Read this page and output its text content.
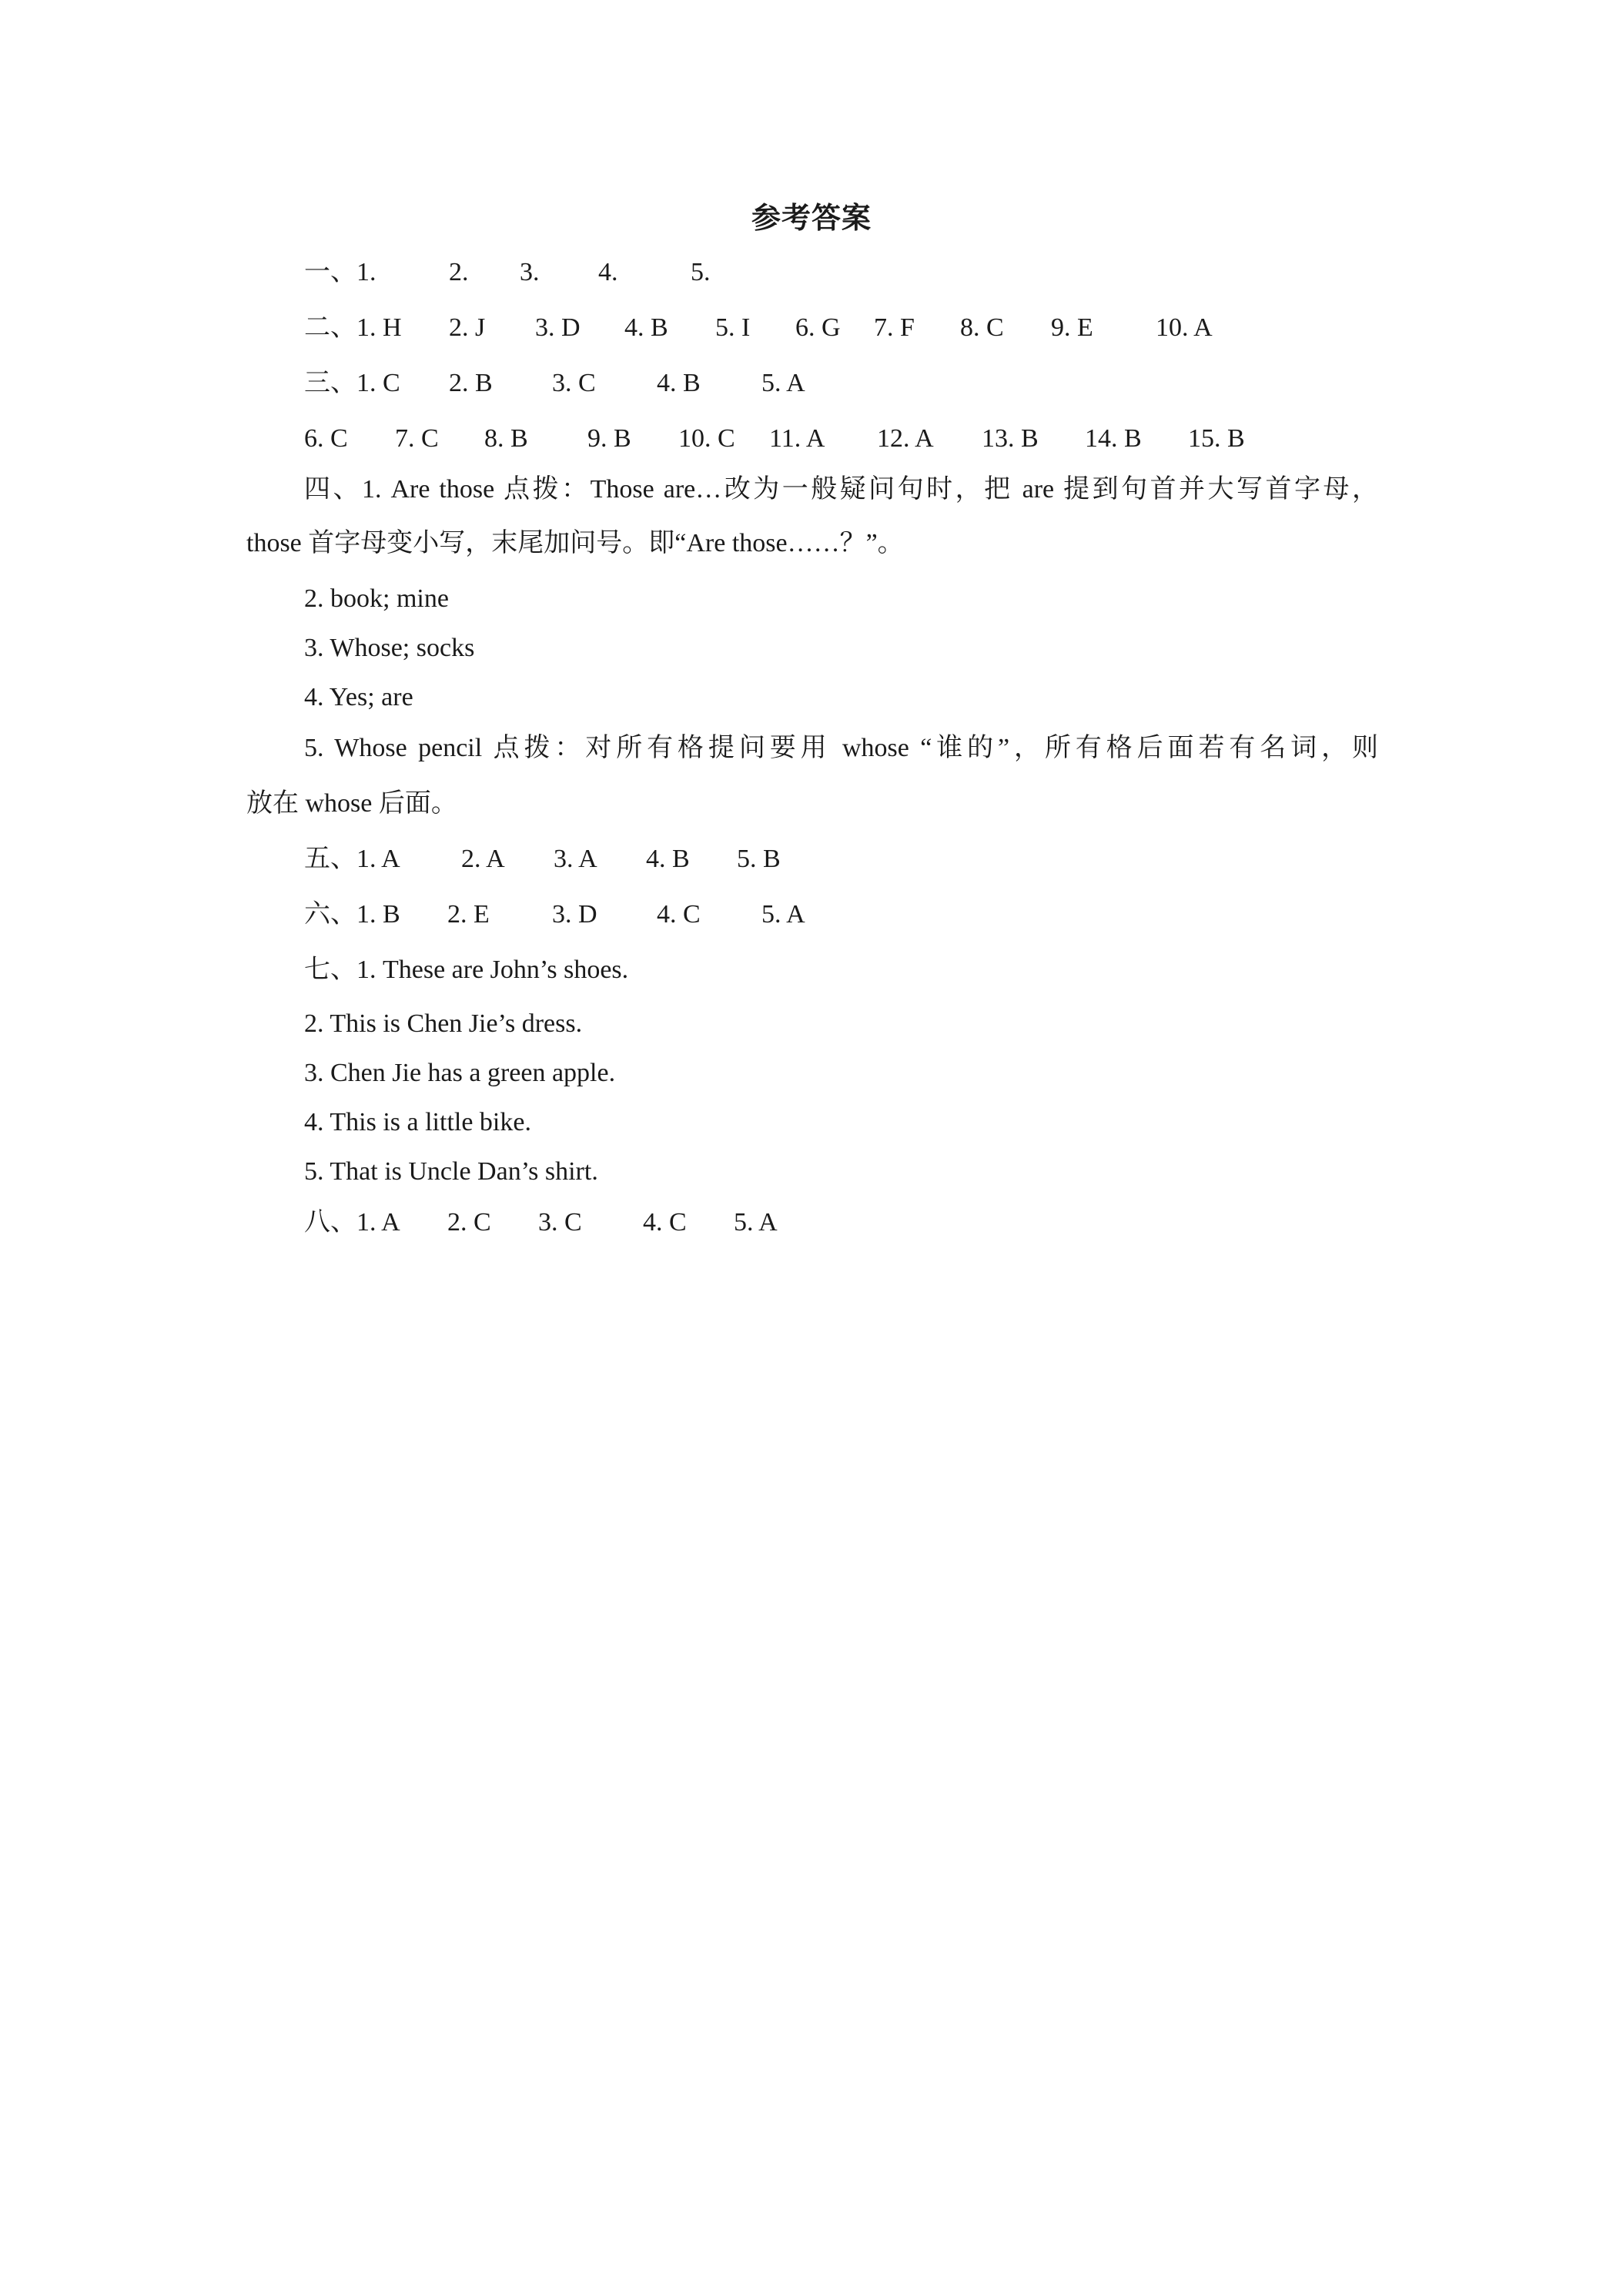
参考答案
一、1.	2. 3. 4.	5.
二、1. H 2. J 3. D 4. B 5. I 6. G 7. F 8. C 9. E 10. A
三、1. C 2. B 3. C 4. B 5. A
6. C 7. C 8. B 9. B 10. C 11. A 12. A 13. B 14. B 15. B
四、1. Are those 点拨：Those are…改为一般疑问句时，把 are 提到句首并大写首字母，
those 首字母变小写，末尾加问号。即“Are those……？”。
2. book; mine
3. Whose; socks
4. Yes; are
5. Whose pencil 点拨：对所有格提问要用 whose “谁的”，所有格后面若有名词，则
放在 whose 后面。
五、1. A 2. A 3. A 4. B 5. B
六、1. B 2. E 3. D 4. C 5. A
七、1. These are John’s shoes.
2. This is Chen Jie’s dress.
3. Chen Jie has a green apple.
4. This is a little bike.
5. That is Uncle Dan’s shirt.
八、1. A 2. C 3. C 4. C 5. A
